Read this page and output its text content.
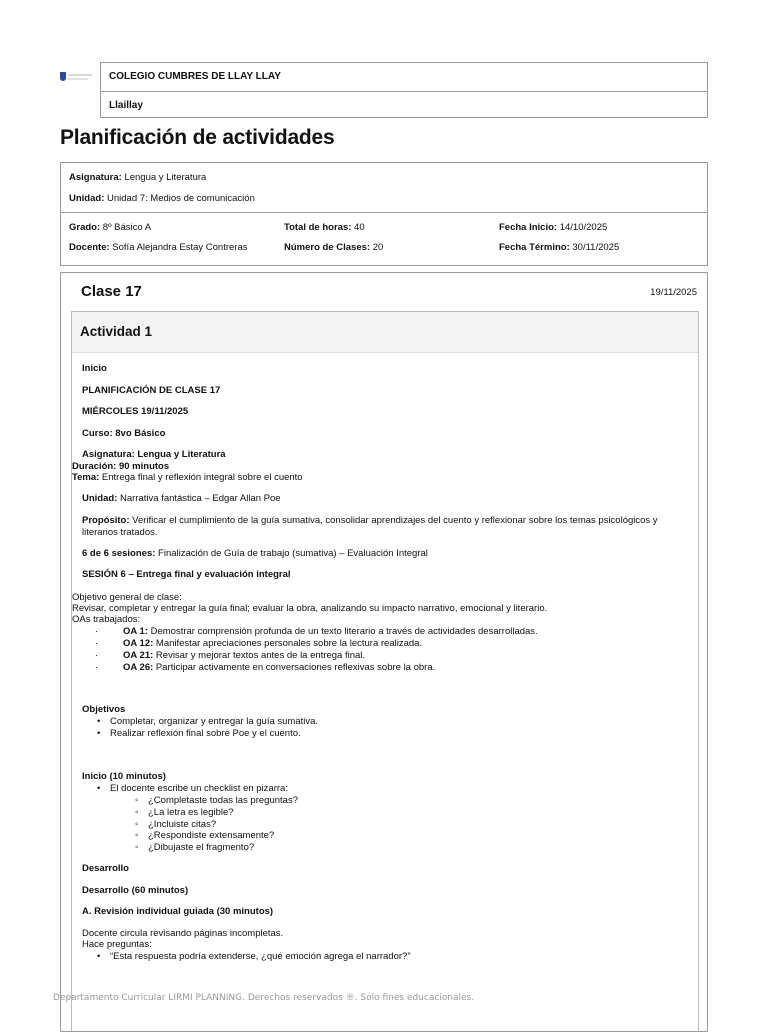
COLEGIO CUMBRES DE LLAY LLAY
Llaillay
Planificación de actividades
Asignatura: Lengua y Literatura
Unidad: Unidad 7: Medios de comunicación
Grado: 8º Básico A
Docente: Sofía Alejandra Estay Contreras
Total de horas: 40
Número de Clases: 20
Fecha Inicio: 14/10/2025
Fecha Término: 30/11/2025
Clase 17	19/11/2025
Actividad 1
Inicio
PLANIFICACIÓN DE CLASE 17
MIÉRCOLES 19/11/2025
Curso: 8vo Básico
Asignatura: Lengua y Literatura
Duración: 90 minutos
Tema: Entrega final y reflexión integral sobre el cuento
Unidad: Narrativa fantástica – Edgar Allan Poe
Propósito: Verificar el cumplimiento de la guía sumativa, consolidar aprendizajes del cuento y reflexionar sobre los temas psicológicos y literarios tratados.
6 de 6 sesiones: Finalización de Guía de trabajo (sumativa) – Evaluación Integral
SESIÓN 6 – Entrega final y evaluación integral
Objetivo general de clase:
Revisar, completar y entregar la guía final; evaluar la obra, analizando su impacto narrativo, emocional y literario.
OAs trabajados:
· OA 1: Demostrar comprensión profunda de un texto literario a través de actividades desarrolladas.
· OA 12: Manifestar apreciaciones personales sobre la lectura realizada.
· OA 21: Revisar y mejorar textos antes de la entrega final.
· OA 26: Participar activamente en conversaciones reflexivas sobre la obra.
Objetivos
• Completar, organizar y entregar la guía sumativa.
• Realizar reflexión final sobre Poe y el cuento.
Inicio (10 minutos)
• El docente escribe un checklist en pizarra:
◦ ¿Completaste todas las preguntas?
◦ ¿La letra es legible?
◦ ¿Incluiste citas?
◦ ¿Respondiste extensamente?
◦ ¿Dibujaste el fragmento?
Desarrollo
Desarrollo (60 minutos)
A. Revisión individual guiada (30 minutos)
Docente circula revisando páginas incompletas.
Hace preguntas:
• “Esta respuesta podría extenderse, ¿qué emoción agrega el narrador?”
Departamento Curricular LIRMI PLANNING. Derechos reservados ®. Sólo fines educacionales.
